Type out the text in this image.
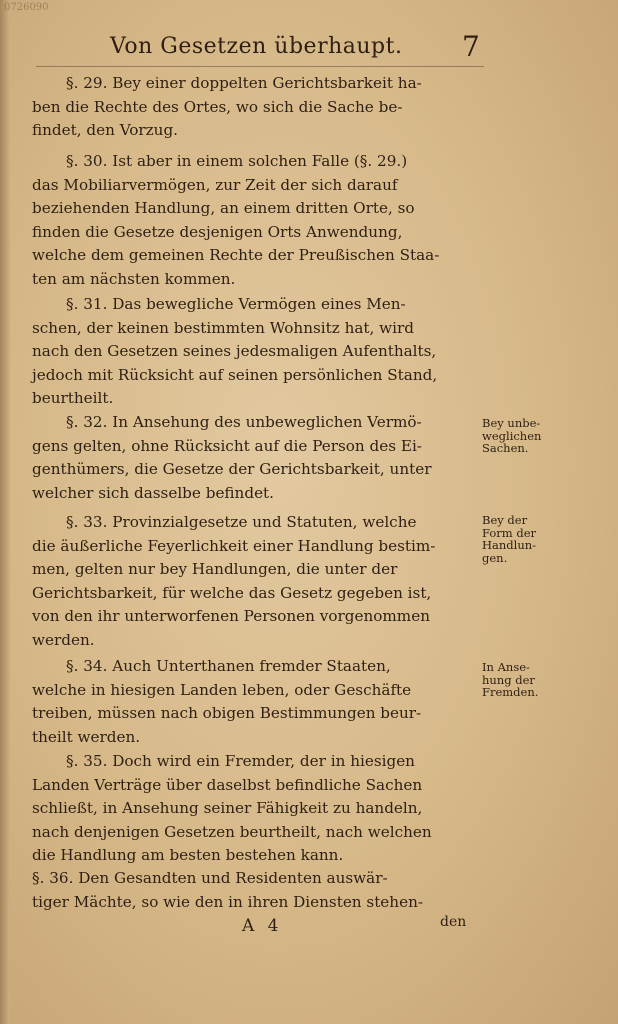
0726090
Von Gesetzen überhaupt. 7
§. 29. Bey einer doppelten Gerichtsbarkeit ha-
ben die Rechte des Ortes, wo sich die Sache be-
findet, den Vorzug.
§. 30. Ist aber in einem solchen Falle (§. 29.)
das Mobiliarvermögen, zur Zeit der sich darauf
beziehenden Handlung, an einem dritten Orte, so
finden die Gesetze desjenigen Orts Anwendung,
welche dem gemeinen Rechte der Preußischen Staa-
ten am nächsten kommen.
§. 31. Das bewegliche Vermögen eines Men-
schen, der keinen bestimmten Wohnsitz hat, wird
nach den Gesetzen seines jedesmaligen Aufenthalts,
jedoch mit Rücksicht auf seinen persönlichen Stand,
beurtheilt.
§. 32. In Ansehung des unbeweglichen Vermö-
gens gelten, ohne Rücksicht auf die Person des Ei-
genthümers, die Gesetze der Gerichtsbarkeit, unter
welcher sich dasselbe befindet.
Bey unbe-
weglichen
Sachen.
§. 33. Provinzialgesetze und Statuten, welche
die äußerliche Feyerlichkeit einer Handlung bestim-
men, gelten nur bey Handlungen, die unter der
Gerichtsbarkeit, für welche das Gesetz gegeben ist,
von den ihr unterworfenen Personen vorgenommen
werden.
Bey der
Form der
Handlun-
gen.
§. 34. Auch Unterthanen fremder Staaten,
welche in hiesigen Landen leben, oder Geschäfte
treiben, müssen nach obigen Bestimmungen beur-
theilt werden.
In Anse-
hung der
Fremden.
§. 35. Doch wird ein Fremder, der in hiesigen
Landen Verträge über daselbst befindliche Sachen
schließt, in Ansehung seiner Fähigkeit zu handeln,
nach denjenigen Gesetzen beurtheilt, nach welchen
die Handlung am besten bestehen kann.
§. 36. Den Gesandten und Residenten auswär-
tiger Mächte, so wie den in ihren Diensten stehen-
A 4	den
